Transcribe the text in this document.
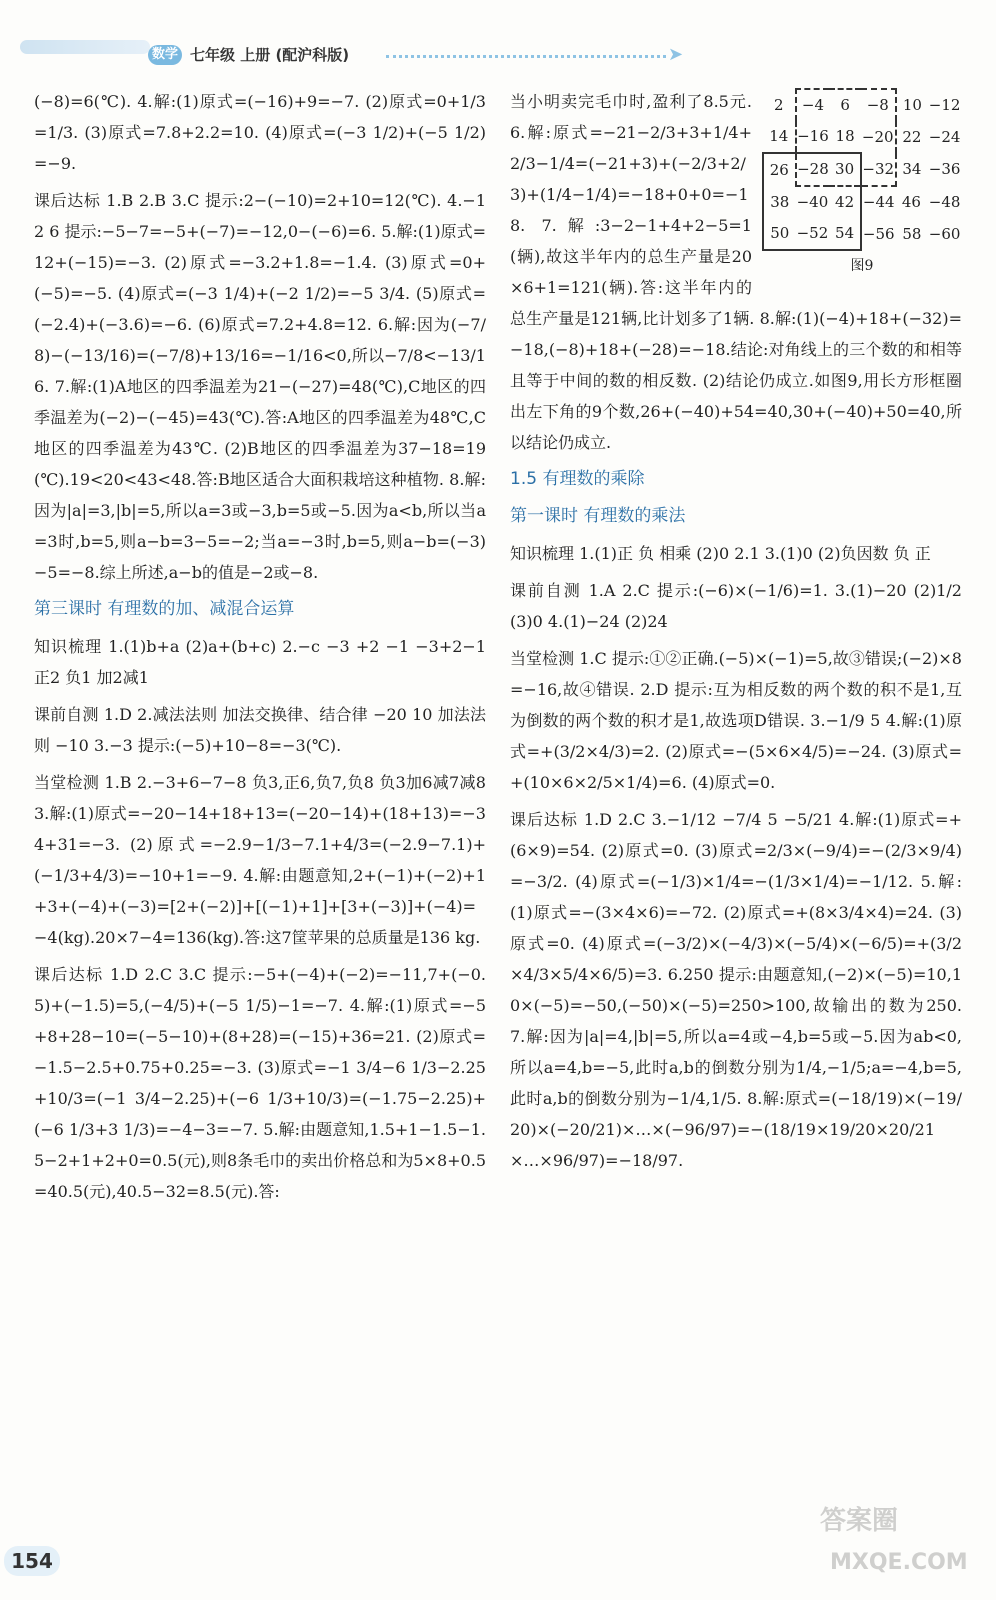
数学 七年级 上册 (配沪科版)	➤

(−8)=6(℃). 4.解:(1)原式=(−16)+9=−7. (2)原式=0+1/3=1/3. (3)原式=7.8+2.2=10. (4)原式=(−3 1/2)+(−5 1/2)=−9.

课后达标 1.B 2.B 3.C 提示:2−(−10)=2+10=12(℃). 4.−12 6 提示:−5−7=−5+(−7)=−12,0−(−6)=6. 5.解:(1)原式=12+(−15)=−3. (2)原式=−3.2+1.8=−1.4. (3)原式=0+(−5)=−5. (4)原式=(−3 1/4)+(−2 1/2)=−5 3/4. (5)原式=(−2.4)+(−3.6)=−6. (6)原式=7.2+4.8=12. 6.解:因为(−7/8)−(−13/16)=(−7/8)+13/16=−1/16<0,所以−7/8<−13/16. 7.解:(1)A地区的四季温差为21−(−27)=48(℃),C地区的四季温差为(−2)−(−45)=43(℃).答:A地区的四季温差为48℃,C地区的四季温差为43℃. (2)B地区的四季温差为37−18=19(℃).19<20<43<48.答:B地区适合大面积栽培这种植物. 8.解:因为|a|=3,|b|=5,所以a=3或−3,b=5或−5.因为a<b,所以当a=3时,b=5,则a−b=3−5=−2;当a=−3时,b=5,则a−b=(−3)−5=−8.综上所述,a−b的值是−2或−8.

第三课时 有理数的加、减混合运算

知识梳理 1.(1)b+a (2)a+(b+c) 2.−c −3 +2 −1 −3+2−1 正2 负1 加2减1

课前自测 1.D 2.减法法则 加法交换律、结合律 −20 10 加法法则 −10 3.−3 提示:(−5)+10−8=−3(℃).

当堂检测 1.B 2.−3+6−7−8 负3,正6,负7,负8 负3加6减7减8 3.解:(1)原式=−20−14+18+13=(−20−14)+(18+13)=−34+31=−3. (2)原式=−2.9−1/3−7.1+4/3=(−2.9−7.1)+(−1/3+4/3)=−10+1=−9. 4.解:由题意知,2+(−1)+(−2)+1+3+(−4)+(−3)=[2+(−2)]+[(−1)+1]+[3+(−3)]+(−4)=−4(kg).20×7−4=136(kg).答:这7筐苹果的总质量是136 kg.

课后达标 1.D 2.C 3.C 提示:−5+(−4)+(−2)=−11,7+(−0.5)+(−1.5)=5,(−4/5)+(−5 1/5)−1=−7. 4.解:(1)原式=−5+8+28−10=(−5−10)+(8+28)=(−15)+36=21. (2)原式=−1.5−2.5+0.75+0.25=−3. (3)原式=−1 3/4−6 1/3−2.25+10/3=(−1 3/4−2.25)+(−6 1/3+10/3)=(−1.75−2.25)+(−6 1/3+3 1/3)=−4−3=−7. 5.解:由题意知,1.5+1−1.5−1.5−2+1+2+0=0.5(元),则8条毛巾的卖出价格总和为5×8+0.5=40.5(元),40.5−32=8.5(元).答:

2	−4	6	−8	10	−12
14	−16	18	−20	22	−24
26	−28	30	−32	34	−36
38	−40	42	−44	46	−48
50	−52	54	−56	58	−60
图9

当小明卖完毛巾时,盈利了8.5元. 6.解:原式=−21−2/3+3+1/4+2/3−1/4=(−21+3)+(−2/3+2/3)+(1/4−1/4)=−18+0+0=−18. 7.解:3−2−1+4+2−5=1(辆),故这半年内的总生产量是20×6+1=121(辆).答:这半年内的总生产量是121辆,比计划多了1辆. 8.解:(1)(−4)+18+(−32)=−18,(−8)+18+(−28)=−18.结论:对角线上的三个数的和相等且等于中间的数的相反数. (2)结论仍成立.如图9,用长方形框圈出左下角的9个数,26+(−40)+54=40,30+(−40)+50=40,所以结论仍成立.

1.5 有理数的乘除

第一课时 有理数的乘法

知识梳理 1.(1)正 负 相乘 (2)0 2.1 3.(1)0 (2)负因数 负 正

课前自测 1.A 2.C 提示:(−6)×(−1/6)=1. 3.(1)−20 (2)1/2 (3)0 4.(1)−24 (2)24

当堂检测 1.C 提示:①②正确.(−5)×(−1)=5,故③错误;(−2)×8=−16,故④错误. 2.D 提示:互为相反数的两个数的积不是1,互为倒数的两个数的积才是1,故选项D错误. 3.−1/9 5 4.解:(1)原式=+(3/2×4/3)=2. (2)原式=−(5×6×4/5)=−24. (3)原式=+(10×6×2/5×1/4)=6. (4)原式=0.

课后达标 1.D 2.C 3.−1/12 −7/4 5 −5/21 4.解:(1)原式=+(6×9)=54. (2)原式=0. (3)原式=2/3×(−9/4)=−(2/3×9/4)=−3/2. (4)原式=(−1/3)×1/4=−(1/3×1/4)=−1/12. 5.解:(1)原式=−(3×4×6)=−72. (2)原式=+(8×3/4×4)=24. (3)原式=0. (4)原式=(−3/2)×(−4/3)×(−5/4)×(−6/5)=+(3/2×4/3×5/4×6/5)=3. 6.250 提示:由题意知,(−2)×(−5)=10,10×(−5)=−50,(−50)×(−5)=250>100,故输出的数为250. 7.解:因为|a|=4,|b|=5,所以a=4或−4,b=5或−5.因为ab<0,所以a=4,b=−5,此时a,b的倒数分别为1/4,−1/5;a=−4,b=5,此时a,b的倒数分别为−1/4,1/5. 8.解:原式=(−18/19)×(−19/20)×(−20/21)×…×(−96/97)=−(18/19×19/20×20/21×…×96/97)=−18/97.

154
答案圈
MXQE.COM
